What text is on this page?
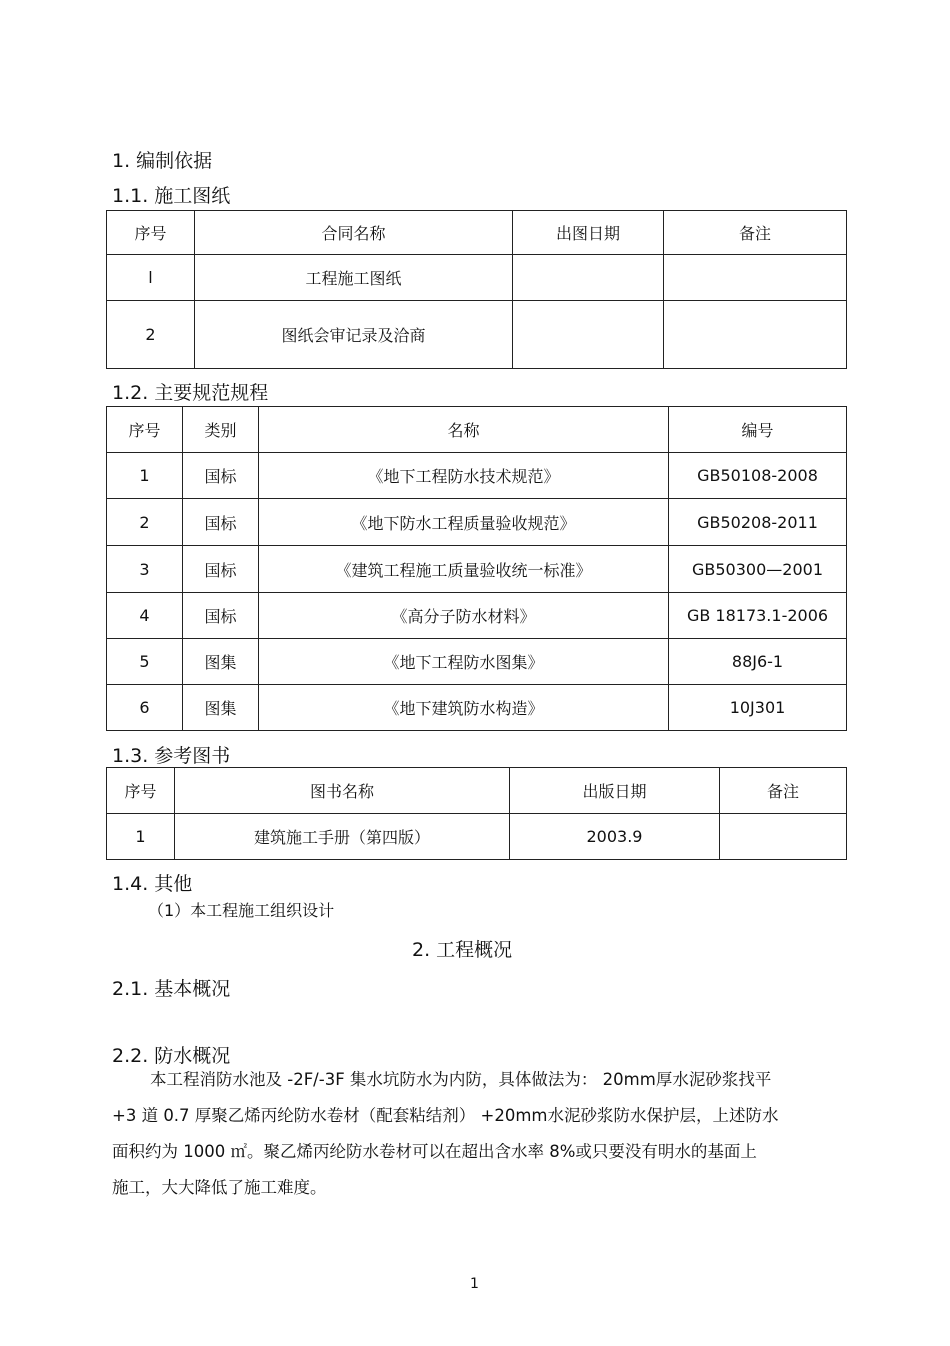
1. 编制依据
1.1. 施工图纸
序号	合同名称	出图日期	备注
l	工程施工图纸		
2	图纸会审记录及洽商		
1.2. 主要规范规程
序号	类别	名称	编号
1	国标	《地下工程防水技术规范》	GB50108-2008
2	国标	《地下防水工程质量验收规范》	GB50208-2011
3	国标	《建筑工程施工质量验收统一标准》	GB50300—2001
4	国标	《高分子防水材料》	GB 18173.1-2006
5	图集	《地下工程防水图集》	88J6-1
6	图集	《地下建筑防水构造》	10J301
1.3. 参考图书
序号	图书名称	出版日期	备注
1	建筑施工手册（第四版）	2003.9	
1.4. 其他
（1）本工程施工组织设计
2. 工程概况
2.1. 基本概况
2.2. 防水概况
本工程消防水池及 -2F/-3F 集水坑防水为内防，具体做法为： 20mm厚水泥砂浆找平
+3 道 0.7 厚聚乙烯丙纶防水卷材（配套粘结剂） +20mm水泥砂浆防水保护层，上述防水
面积约为 1000 ㎡。聚乙烯丙纶防水卷材可以在超出含水率 8%或只要没有明水的基面上
施工，大大降低了施工难度。
1
